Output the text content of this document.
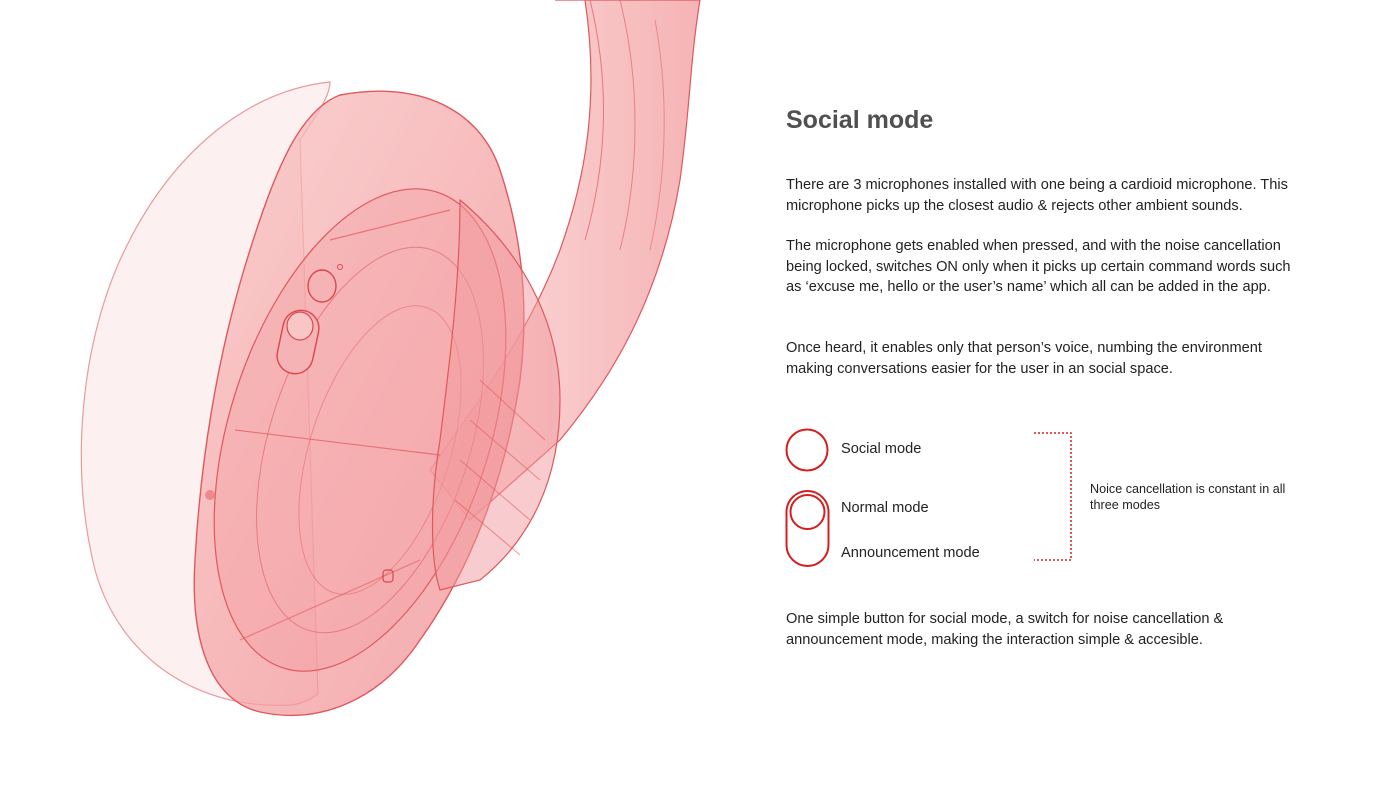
Social mode

There are 3 microphones installed with one being a cardioid microphone. This microphone picks up the closest audio & rejects other ambient sounds.

The microphone gets enabled when pressed, and with the noise cancellation being locked, switches ON only when it picks up certain command words such as ‘excuse me, hello or the user’s name’ which all can be added in the app.

Once heard, it enables only that person’s voice, numbing the environment making conversations easier for the user in an social space.

Social mode
Normal mode
Announcement mode
Noice cancellation is constant in all three modes

One simple button for social mode, a switch for noise cancellation & announcement mode, making the interaction simple & accesible.
